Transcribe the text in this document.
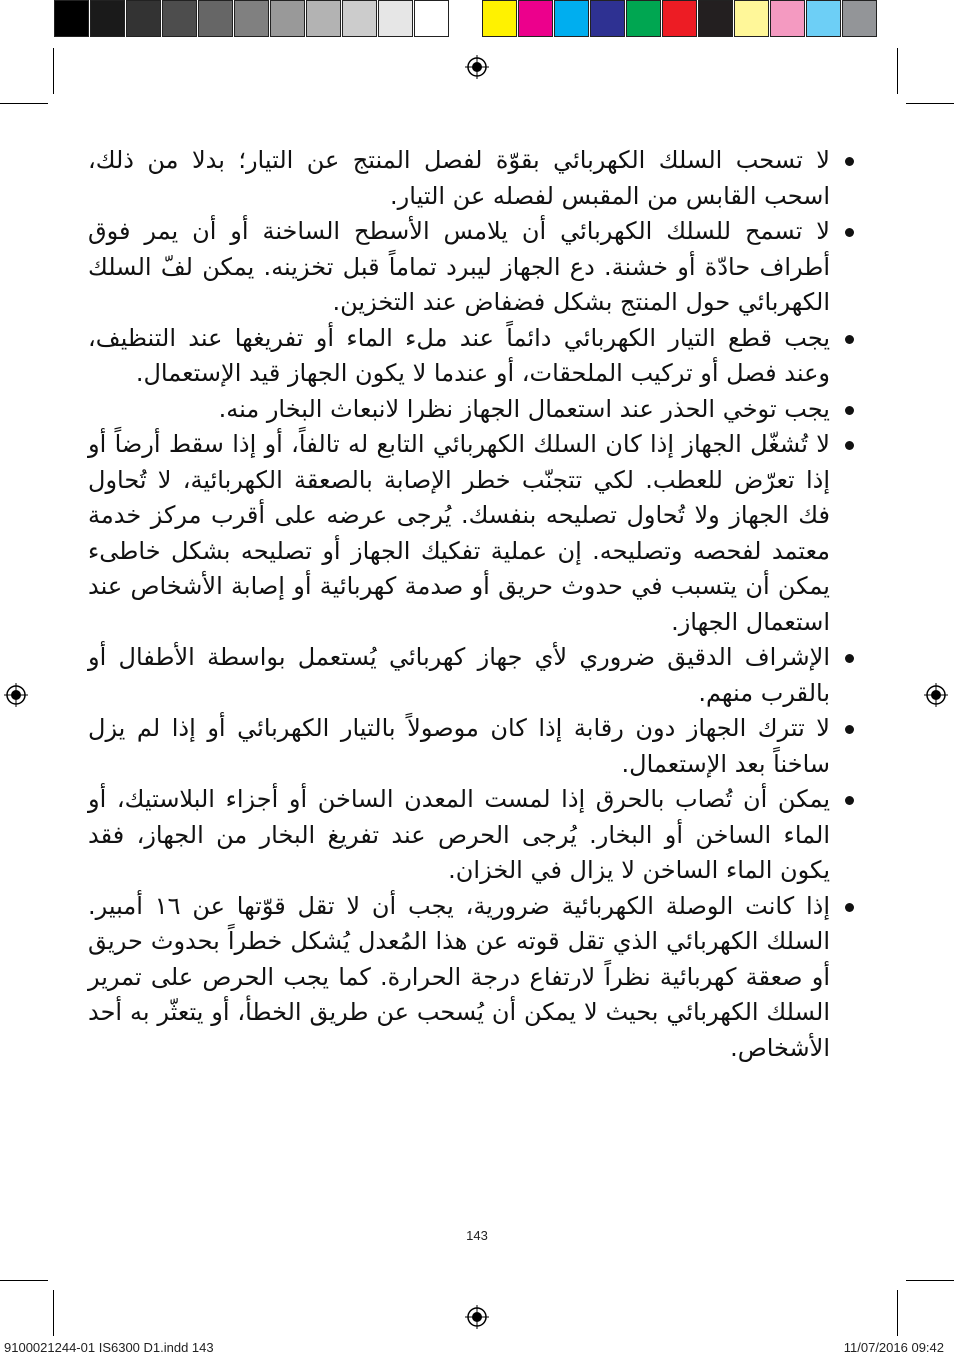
لا تسحب السلك الكهربائي بقوّة لفصل المنتج عن التيار؛ بدلا من ذلك، اسحب القابس من المقبس لفصله عن التيار.
لا تسمح للسلك الكهربائي أن يلامس الأسطح الساخنة أو أن يمر فوق أطراف حادّة أو خشنة. دع الجهاز ليبرد تماماً قبل تخزينه. يمكن لفّ السلك الكهربائي حول المنتج بشكل فضفاض عند التخزين.
يجب قطع التيار الكهربائي دائماً عند ملء الماء أو تفريغها عند التنظيف، وعند فصل أو تركيب الملحقات، أو عندما لا يكون الجهاز قيد الإستعمال.
يجب توخي الحذر عند استعمال الجهاز نظرا لانبعاث البخار منه.
لا تُشغّل الجهاز إذا كان السلك الكهربائي التابع له تالفاً، أو إذا سقط أرضاً أو إذا تعرّض للعطب. لكي تتجنّب خطر الإصابة بالصعقة الكهربائية، لا تُحاول فك الجهاز ولا تُحاول تصليحه بنفسك. يُرجى عرضه على أقرب مركز خدمة معتمد لفحصه وتصليحه. إن عملية تفكيك الجهاز أو تصليحه بشكل خاطىء يمكن أن يتسبب في حدوث حريق أو صدمة كهربائية أو إصابة الأشخاص عند استعمال الجهاز.
الإشراف الدقيق ضروري لأي جهاز كهربائي يُستعمل بواسطة الأطفال أو بالقرب منهم.
لا تترك الجهاز دون رقابة إذا كان موصولاً بالتيار الكهربائي أو إذا لم يزل ساخناً بعد الإستعمال.
يمكن أن تُصاب بالحرق إذا لمست المعدن الساخن أو أجزاء البلاستيك، أو الماء الساخن أو البخار. يُرجى الحرص عند تفريغ البخار من الجهاز، فقد يكون الماء الساخن لا يزال في الخزان.
إذا كانت الوصلة الكهربائية ضرورية، يجب أن لا تقل قوّتها عن ١٦ أمبير. السلك الكهربائي الذي تقل قوته عن هذا المُعدل يُشكل خطراً بحدوث حريق أو صعقة كهربائية نظراً لارتفاع درجة الحرارة. كما يجب الحرص على تمرير السلك الكهربائي بحيث لا يمكن أن يُسحب عن طريق الخطأ، أو يتعثّر به أحد الأشخاص.
143
9100021244-01 IS6300 D1.indd 143	11/07/2016 09:42
